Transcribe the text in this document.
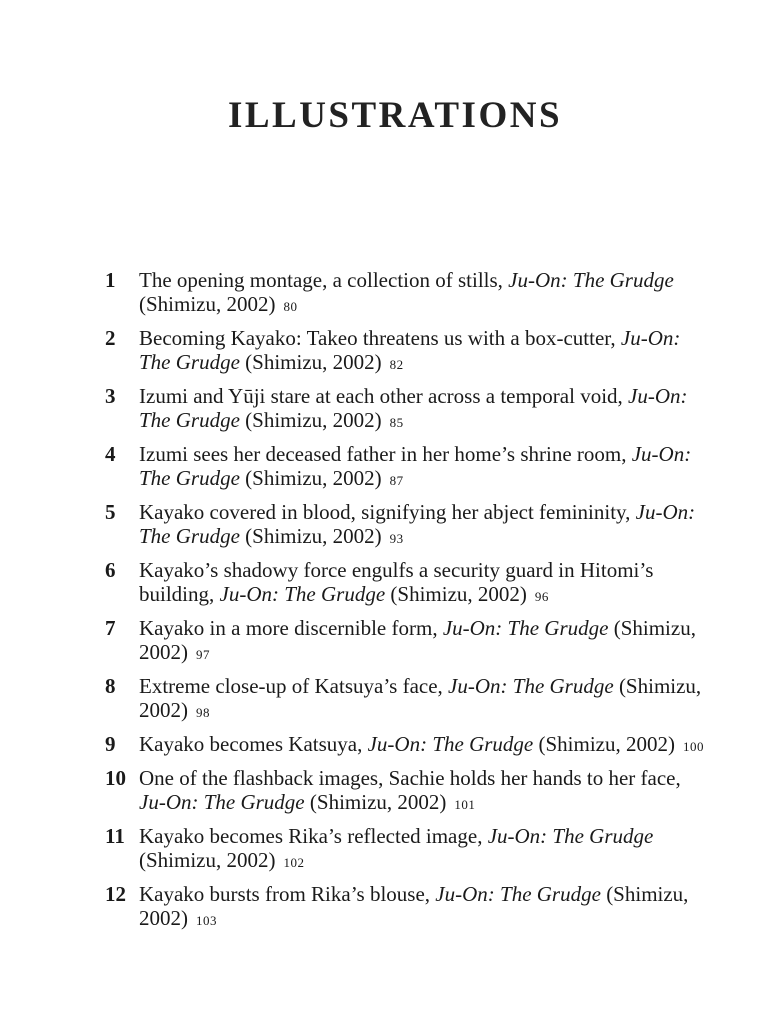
ILLUSTRATIONS
1	The opening montage, a collection of stills, Ju-On: The Grudge (Shimizu, 2002) 80
2	Becoming Kayako: Takeo threatens us with a box-cutter, Ju-On: The Grudge (Shimizu, 2002) 82
3	Izumi and Yūji stare at each other across a temporal void, Ju-On: The Grudge (Shimizu, 2002) 85
4	Izumi sees her deceased father in her home’s shrine room, Ju-On: The Grudge (Shimizu, 2002) 87
5	Kayako covered in blood, signifying her abject femininity, Ju-On: The Grudge (Shimizu, 2002) 93
6	Kayako’s shadowy force engulfs a security guard in Hitomi’s building, Ju-On: The Grudge (Shimizu, 2002) 96
7	Kayako in a more discernible form, Ju-On: The Grudge (Shimizu, 2002) 97
8	Extreme close-up of Katsuya’s face, Ju-On: The Grudge (Shimizu, 2002) 98
9	Kayako becomes Katsuya, Ju-On: The Grudge (Shimizu, 2002) 100
10 One of the flashback images, Sachie holds her hands to her face, Ju-On: The Grudge (Shimizu, 2002) 101
11 Kayako becomes Rika’s reflected image, Ju-On: The Grudge (Shimizu, 2002) 102
12 Kayako bursts from Rika’s blouse, Ju-On: The Grudge (Shimizu, 2002) 103
